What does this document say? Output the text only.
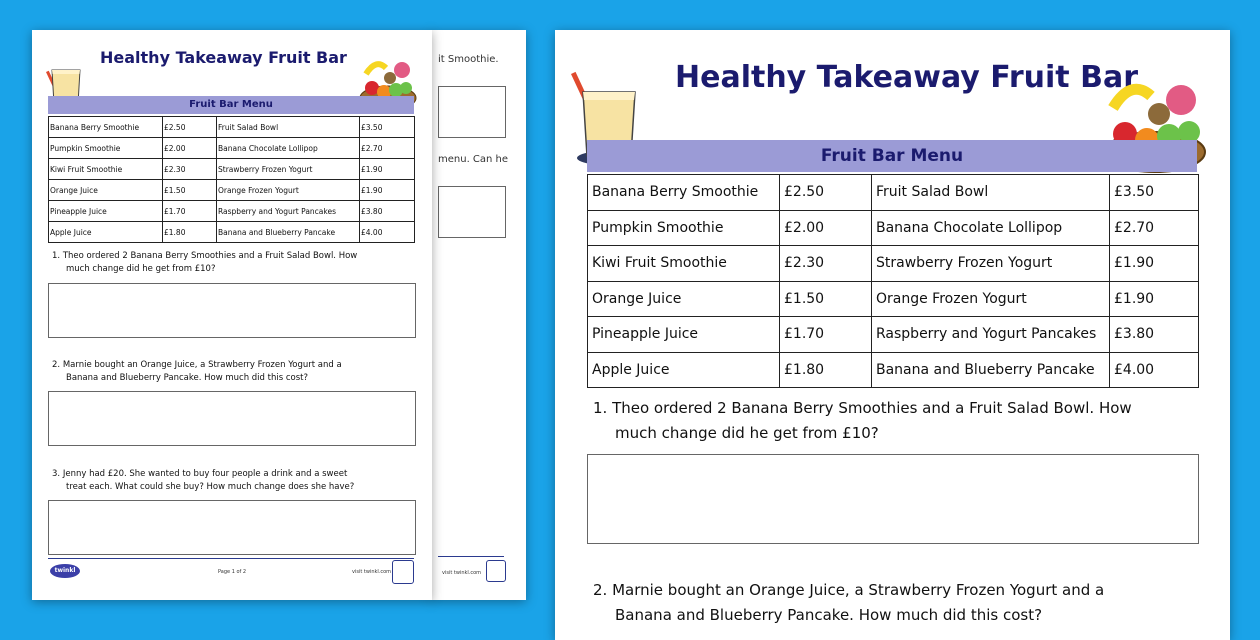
it Smoothie.
menu. Can he
visit twinkl.com
Healthy Takeaway Fruit Bar
Fruit Bar Menu
Banana Berry Smoothie	£2.50	Fruit Salad Bowl	£3.50
Pumpkin Smoothie	£2.00	Banana Chocolate Lollipop	£2.70
Kiwi Fruit Smoothie	£2.30	Strawberry Frozen Yogurt	£1.90
Orange Juice	£1.50	Orange Frozen Yogurt	£1.90
Pineapple Juice	£1.70	Raspberry and Yogurt Pancakes	£3.80
Apple Juice	£1.80	Banana and Blueberry Pancake	£4.00
1. Theo ordered 2 Banana Berry Smoothies and a Fruit Salad Bowl. How
much change did he get from £10?
2. Marnie bought an Orange Juice, a Strawberry Frozen Yogurt and a
Banana and Blueberry Pancake. How much did this cost?
3. Jenny had £20. She wanted to buy four people a drink and a sweet
treat each. What could she buy? How much change does she have?
twinkl	Page 1 of 2	visit twinkl.com
Healthy Takeaway Fruit Bar
Fruit Bar Menu
Banana Berry Smoothie	£2.50	Fruit Salad Bowl	£3.50
Pumpkin Smoothie	£2.00	Banana Chocolate Lollipop	£2.70
Kiwi Fruit Smoothie	£2.30	Strawberry Frozen Yogurt	£1.90
Orange Juice	£1.50	Orange Frozen Yogurt	£1.90
Pineapple Juice	£1.70	Raspberry and Yogurt Pancakes	£3.80
Apple Juice	£1.80	Banana and Blueberry Pancake	£4.00
1. Theo ordered 2 Banana Berry Smoothies and a Fruit Salad Bowl. How
much change did he get from £10?
2. Marnie bought an Orange Juice, a Strawberry Frozen Yogurt and a
Banana and Blueberry Pancake. How much did this cost?
